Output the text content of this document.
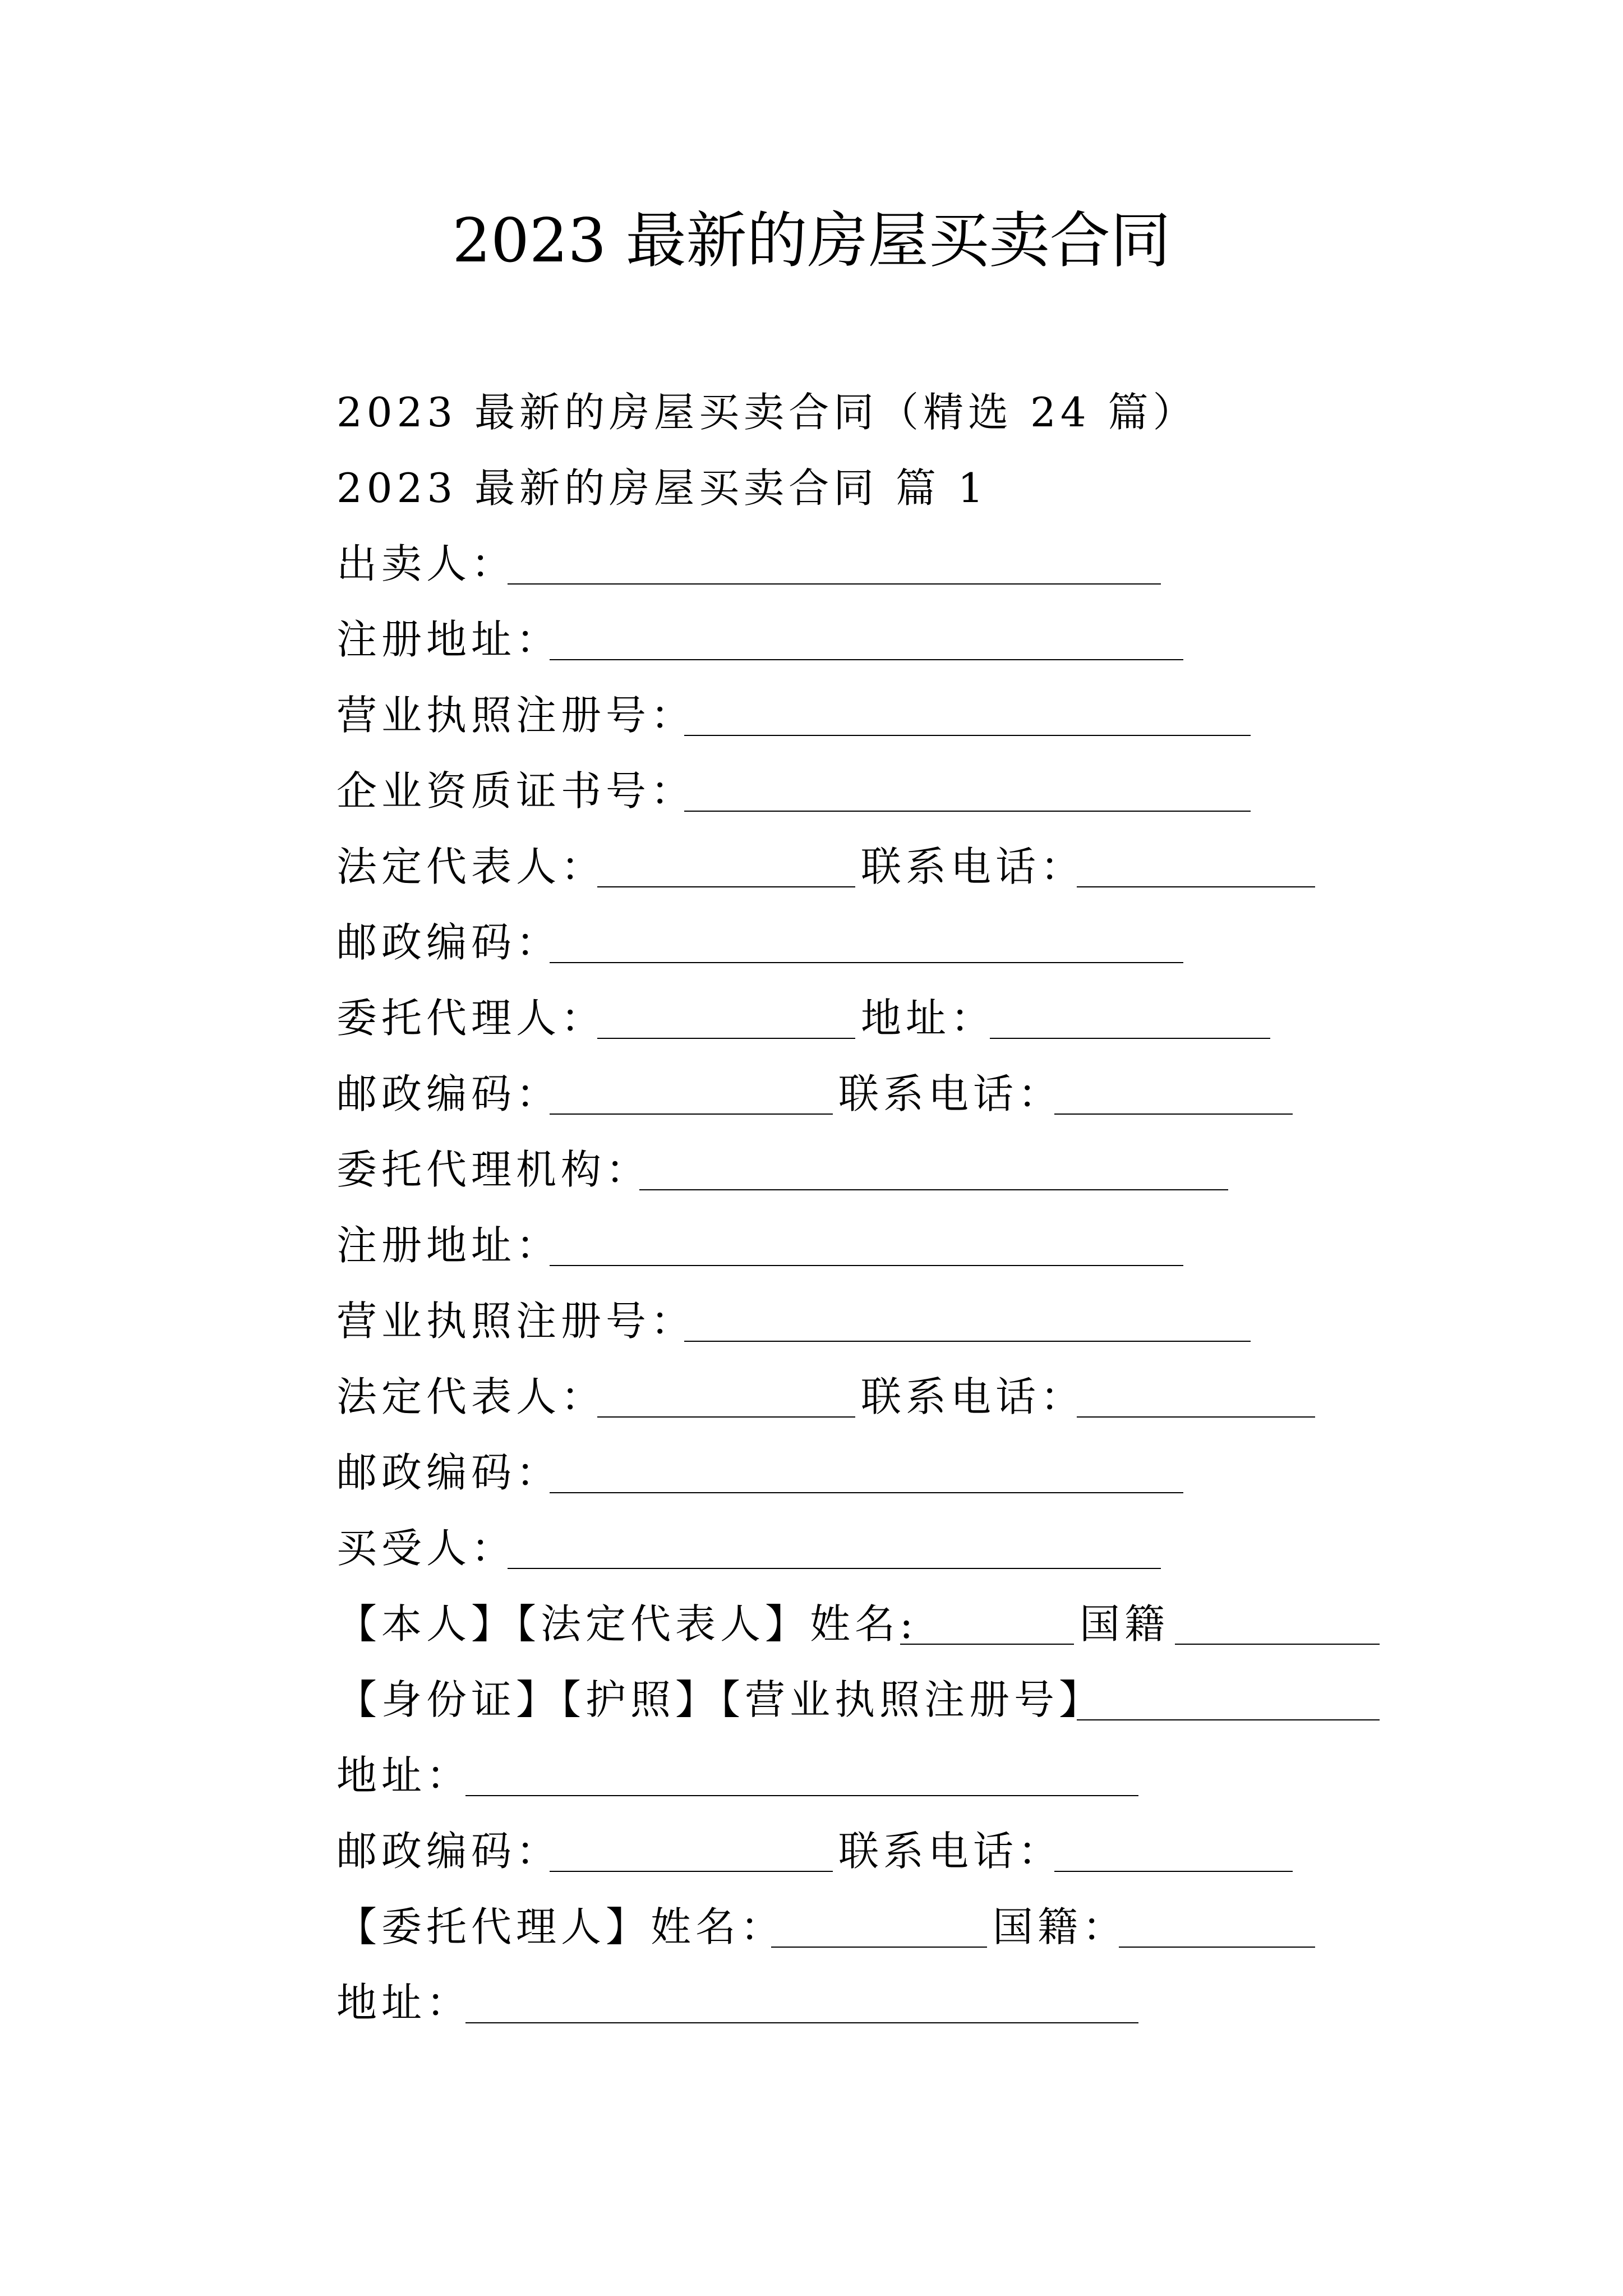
2023 最新的房屋买卖合同
2023 最新的房屋买卖合同（精选 24 篇）
2023 最新的房屋买卖合同 篇 1
出卖人：
注册地址：
营业执照注册号：
企业资质证书号：
法定代表人：	联系电话：
邮政编码：
委托代理人：	地址：
邮政编码：	联系电话：
委托代理机构：
注册地址：
营业执照注册号：
法定代表人：	联系电话：
邮政编码：
买受人：
【本人】【法定代表人】姓名:	国籍
【身份证】【护照】【营业执照注册号】
地址：
邮政编码：	联系电话：
【委托代理人】姓名：	国籍：
地址：
